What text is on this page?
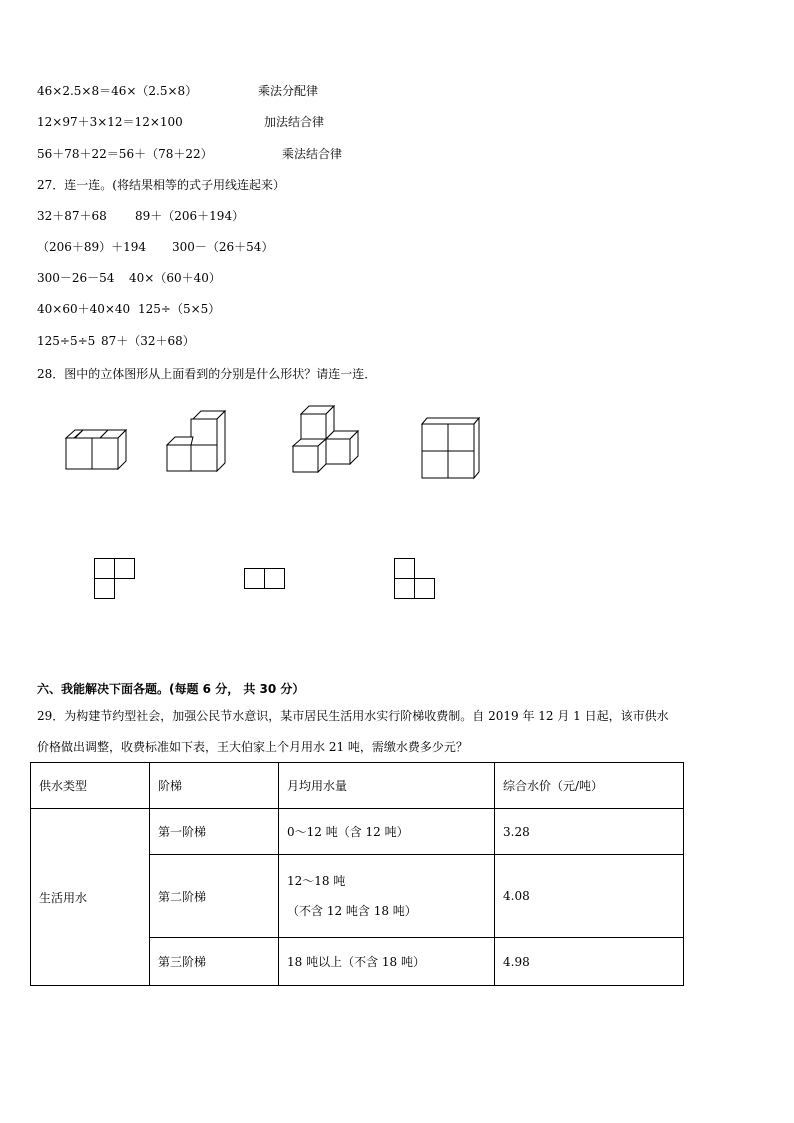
46×2.5×8＝46×（2.5×8）	乘法分配律
12×97＋3×12＝12×100	加法结合律
56＋78＋22＝56＋（78＋22）	乘法结合律
27．连一连。(将结果相等的式子用线连起来）
32＋87＋68 89＋（206＋194）
（206＋89）＋194 300－（26＋54）
300－26－54 40×（60＋40）
40×60＋40×40 125÷（5×5）
125÷5÷5 87＋（32＋68）
28．图中的立体图形从上面看到的分别是什么形状？请连一连．
六、我能解决下面各题。(每题 6 分， 共 30 分）
29．为构建节约型社会，加强公民节水意识，某市居民生活用水实行阶梯收费制。自 2019 年 12 月 1 日起，该市供水
价格做出调整，收费标准如下表，王大伯家上个月用水 21 吨，需缴水费多少元？
供水类型	阶梯	月均用水量	综合水价（元/吨）
生活用水	第一阶梯	0～12 吨（含 12 吨）	3.28
	第二阶梯	12～18 吨
（不含 12 吨含 18 吨）	4.08
	第三阶梯	18 吨以上（不含 18 吨）	4.98
